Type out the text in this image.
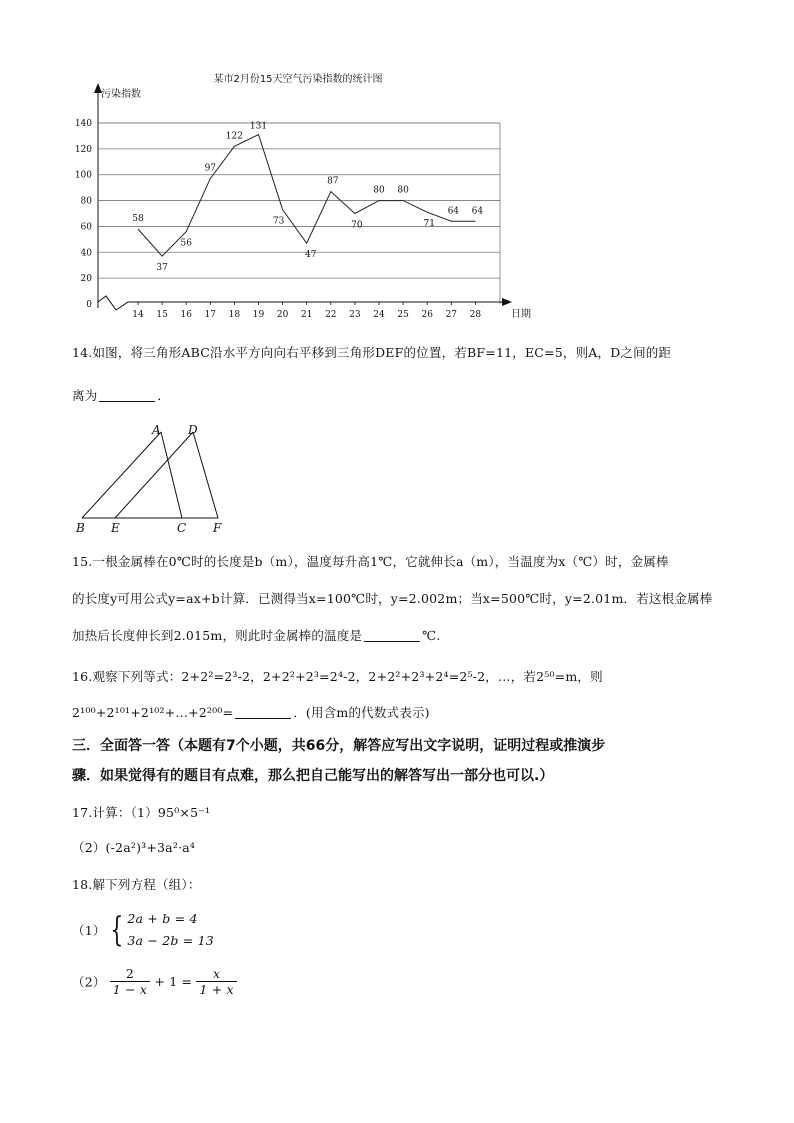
某市2月份15天空气污染指数的统计图
污染指数
0
20
40
60
80
100
120
140
日期
14 15 16 17 18 19 20 21 22 23 24 25 26 27 28
58
37
56
97
122
131
73
47
87
70
80 80
71
64 64
14.如图，将三角形ABC沿水平方向向右平移到三角形DEF的位置，若BF=11，EC=5，则A，D之间的距
离为	．
A D
B E	C F
15.一根金属棒在0℃时的长度是b（m），温度每升高1℃，它就伸长a（m），当温度为x（℃）时，金属棒
的长度y可用公式y=ax+b计算．已测得当x=100℃时，y=2.002m；当x=500℃时，y=2.01m．若这根金属棒
加热后长度伸长到2.015m，则此时金属棒的温度是	℃.
16.观察下列等式：2+2²=2³-2，2+2²+2³=2⁴-2，2+2²+2³+2⁴=2⁵-2，…，若2⁵⁰=m，则
2¹⁰⁰+2¹⁰¹+2¹⁰²+…+2²⁰⁰=	．(用含m的代数式表示)
三．全面答一答（本题有7个小题，共66分，解答应写出文字说明，证明过程或推演步
骤．如果觉得有的题目有点难，那么把自己能写出的解答写出一部分也可以.）
17.计算：（1）95⁰×5⁻¹
（2）(-2a²)³+3a²·a⁴
18.解下列方程（组）：
（1） { 2a + b = 4
3a − 2b = 13
$(2) \frac{2}{1 - x} + 1 = \frac{x}{1 + x}$
